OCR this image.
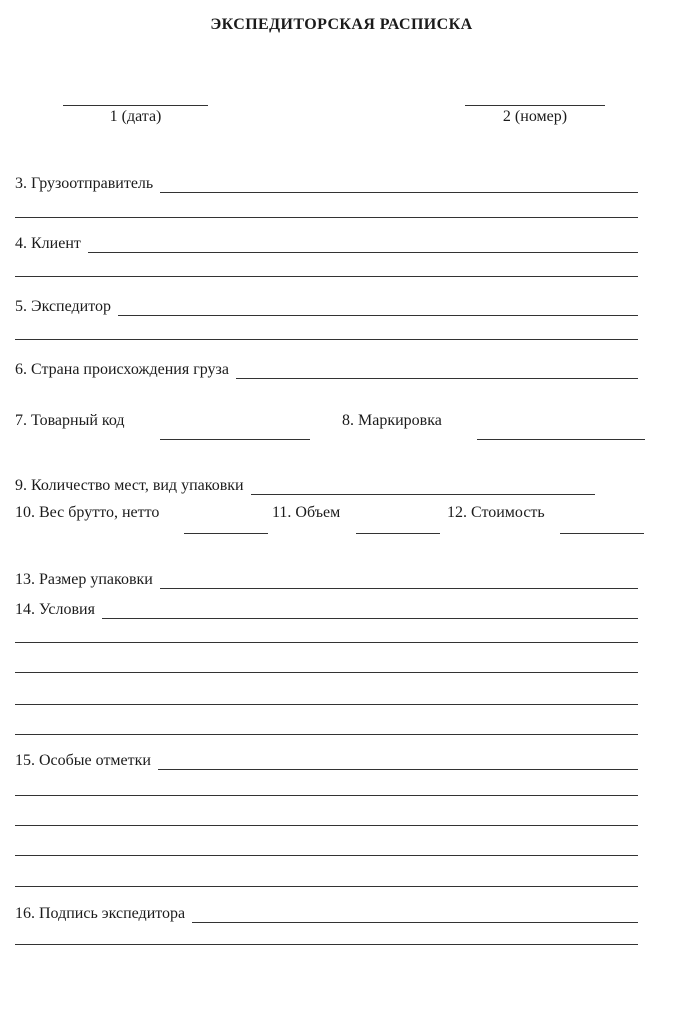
ЭКСПЕДИТОРСКАЯ РАСПИСКА
1 (дата)	2 (номер)
3. Грузоотправитель
4. Клиент
5. Экспедитор
6. Страна происхождения груза
7. Товарный код	8. Маркировка
9. Количество мест, вид упаковки
10. Вес брутто, нетто	11. Объем	12. Стоимость
13. Размер упаковки
14. Условия
15. Особые отметки
16. Подпись экспедитора
